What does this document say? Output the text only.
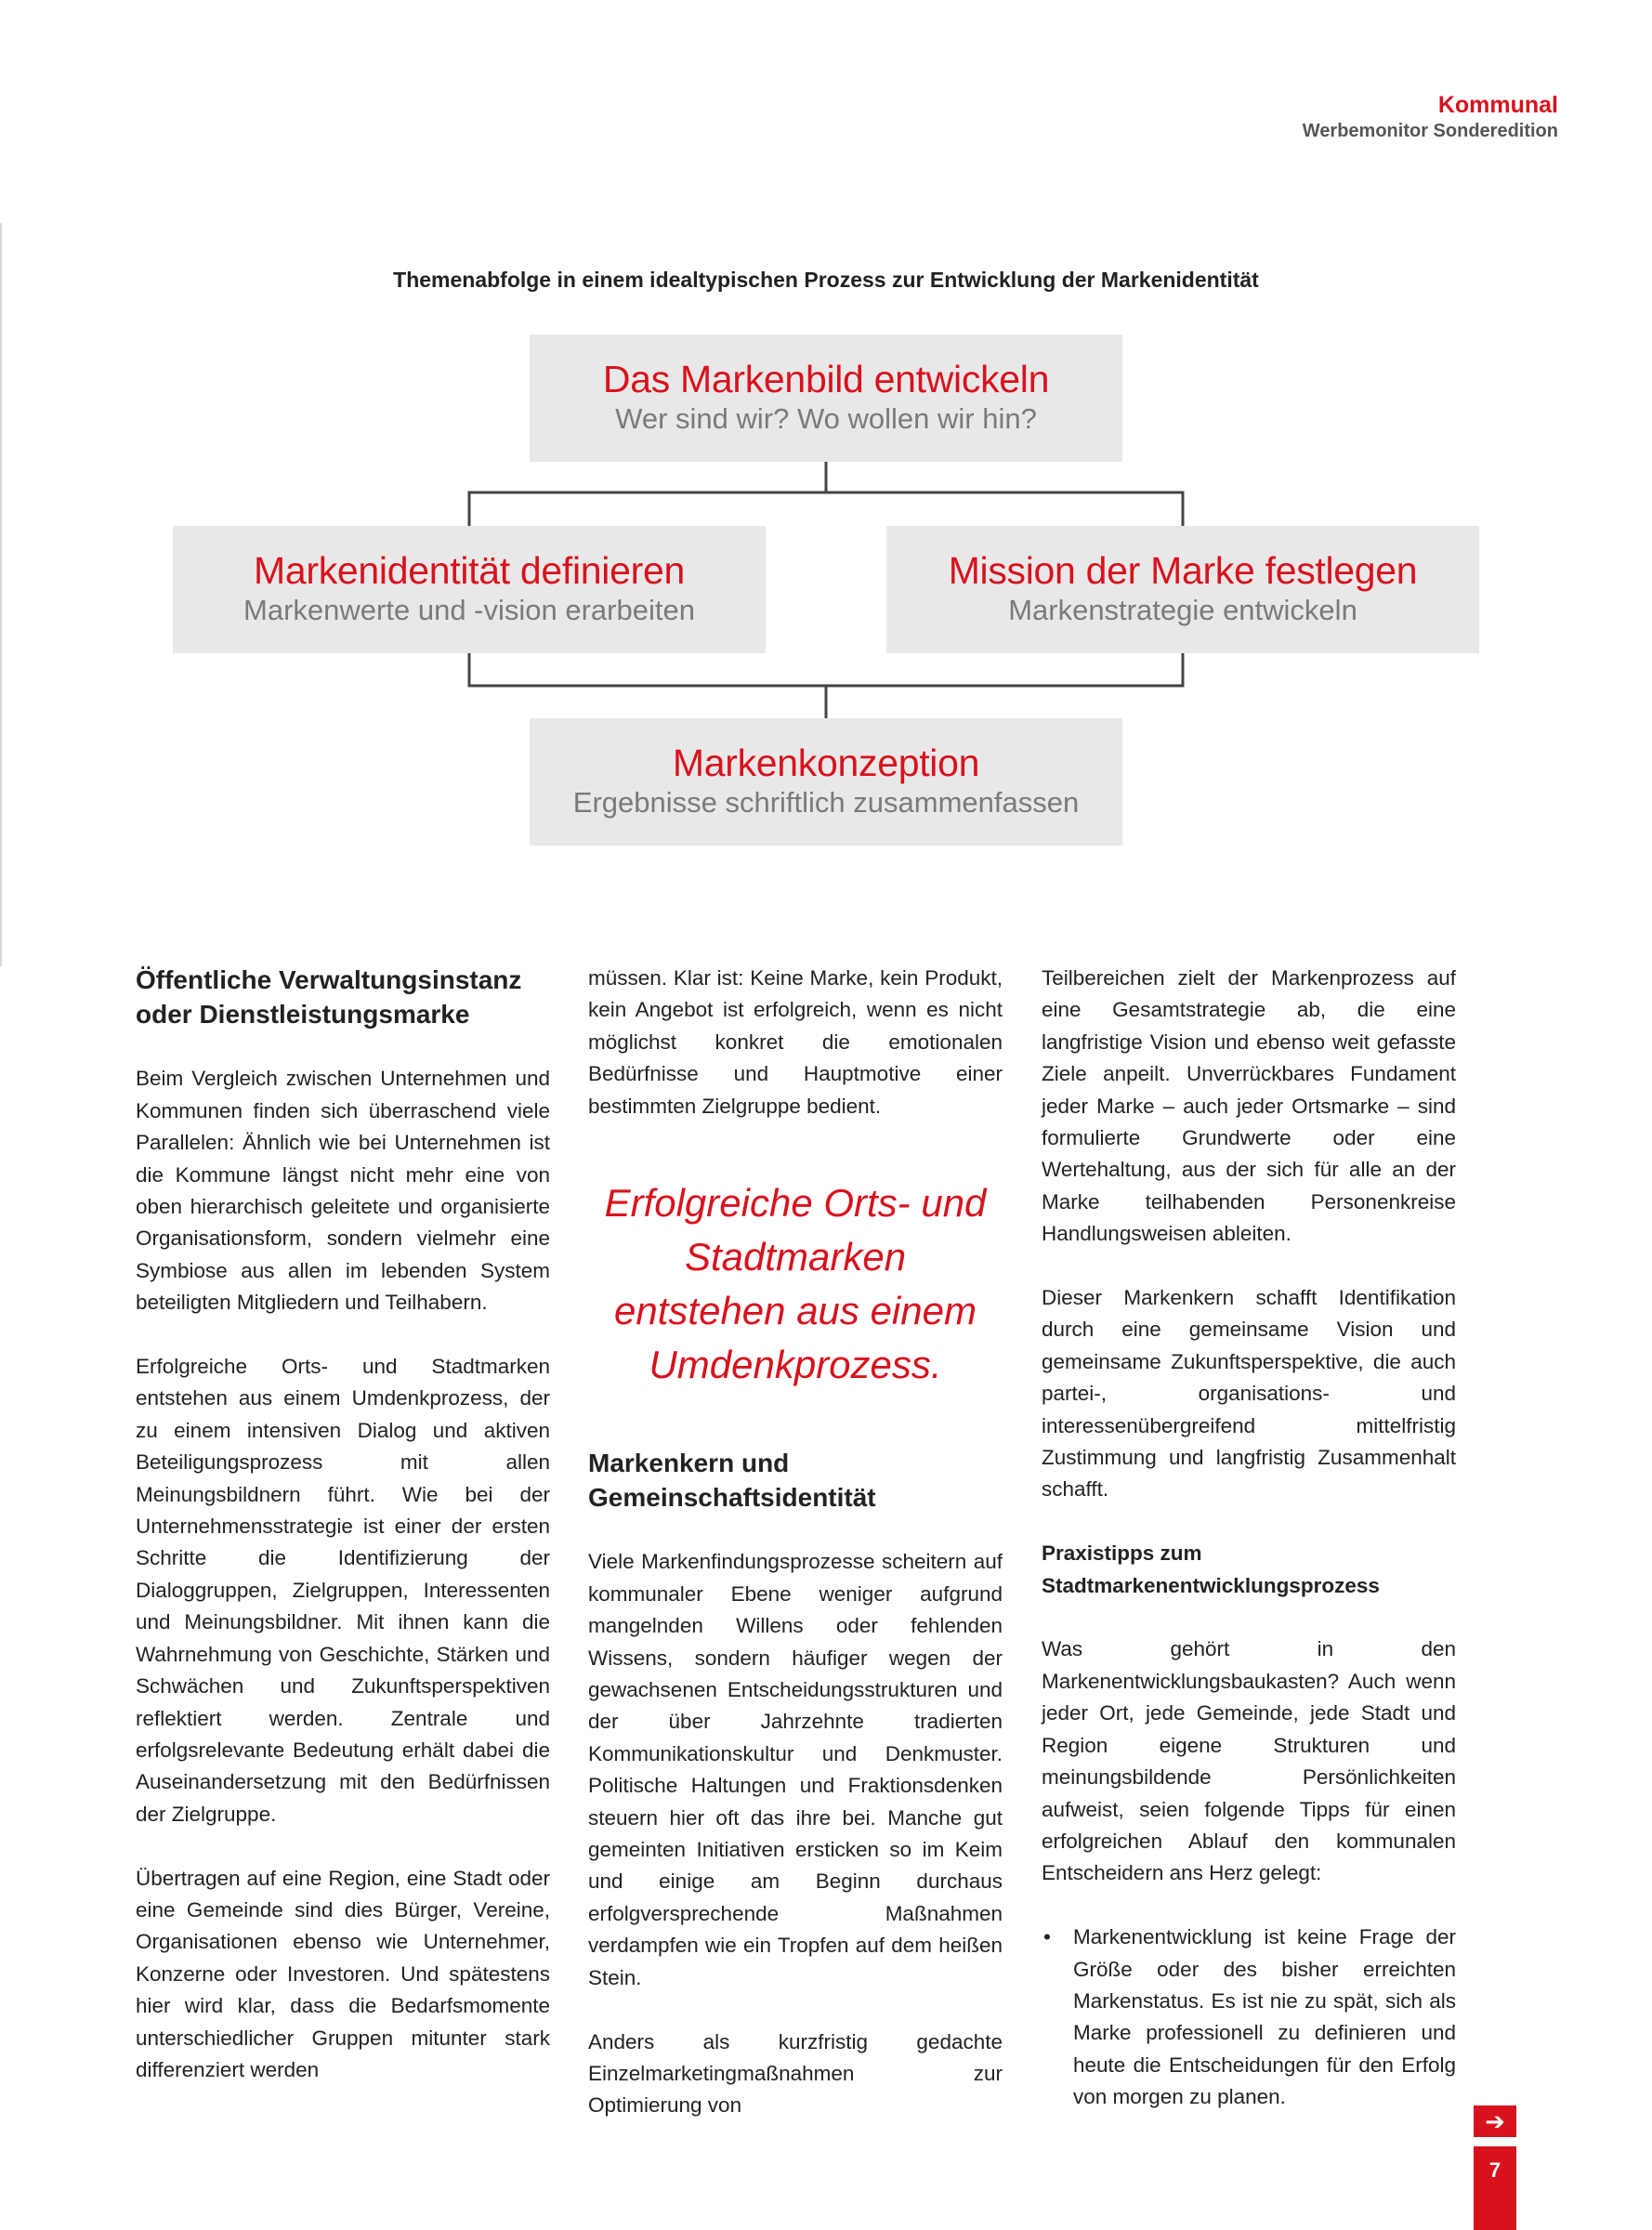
Kommunal
Werbemonitor Sonderedition
Themenabfolge in einem idealtypischen Prozess zur Entwicklung der Markenidentität
Das Markenbild entwickeln
Wer sind wir? Wo wollen wir hin?
Markenidentität definieren
Markenwerte und -vision erarbeiten
Mission der Marke festlegen
Markenstrategie entwickeln
Markenkonzeption
Ergebnisse schriftlich zusammenfassen
Öffentliche Verwaltungsinstanz oder Dienstleistungsmarke

Beim Vergleich zwischen Unternehmen und Kommunen finden sich überraschend viele Parallelen: Ähnlich wie bei Unternehmen ist die Kommune längst nicht mehr eine von oben hierarchisch geleitete und organisierte Organisationsform, sondern vielmehr eine Symbiose aus allen im lebenden System beteiligten Mitgliedern und Teilhabern.

Erfolgreiche Orts- und Stadtmarken entstehen aus einem Umdenkprozess, der zu einem intensiven Dialog und aktiven Beteiligungsprozess mit allen Meinungsbildnern führt. Wie bei der Unternehmensstrategie ist einer der ersten Schritte die Identifizierung der Dialoggruppen, Zielgruppen, Interessenten und Meinungsbildner. Mit ihnen kann die Wahrnehmung von Geschichte, Stärken und Schwächen und Zukunftsperspektiven reflektiert werden. Zentrale und erfolgsrelevante Bedeutung erhält dabei die Auseinandersetzung mit den Bedürfnissen der Zielgruppe.

Übertragen auf eine Region, eine Stadt oder eine Gemeinde sind dies Bürger, Vereine, Organisationen ebenso wie Unternehmer, Konzerne oder Investoren. Und spätestens hier wird klar, dass die Bedarfsmomente unterschiedlicher Gruppen mitunter stark differenziert werden

müssen. Klar ist: Keine Marke, kein Produkt, kein Angebot ist erfolgreich, wenn es nicht möglichst konkret die emotionalen Bedürfnisse und Hauptmotive einer bestimmten Zielgruppe bedient.

Erfolgreiche Orts- und Stadtmarken entstehen aus einem Umdenkprozess.
Markenkern und Gemeinschaftsidentität

Viele Markenfindungsprozesse scheitern auf kommunaler Ebene weniger aufgrund mangelnden Willens oder fehlenden Wissens, sondern häufiger wegen der gewachsenen Entscheidungsstrukturen und der über Jahrzehnte tradierten Kommunikationskultur und Denkmuster. Politische Haltungen und Fraktionsdenken steuern hier oft das ihre bei. Manche gut gemeinten Initiativen ersticken so im Keim und einige am Beginn durchaus erfolgversprechende Maßnahmen verdampfen wie ein Tropfen auf dem heißen Stein.

Anders als kurzfristig gedachte Einzelmarketingmaßnahmen zur Optimierung von

Teilbereichen zielt der Markenprozess auf eine Gesamtstrategie ab, die eine langfristige Vision und ebenso weit gefasste Ziele anpeilt. Unverrückbares Fundament jeder Marke – auch jeder Ortsmarke – sind formulierte Grundwerte oder eine Wertehaltung, aus der sich für alle an der Marke teilhabenden Personenkreise Handlungsweisen ableiten.

Dieser Markenkern schafft Identifikation durch eine gemeinsame Vision und gemeinsame Zukunftsperspektive, die auch partei-, organisations- und interessenübergreifend mittelfristig Zustimmung und langfristig Zusammenhalt schafft.

Praxistipps zum Stadtmarkenentwicklungsprozess

Was gehört in den Markenentwicklungsbaukasten? Auch wenn jeder Ort, jede Gemeinde, jede Stadt und Region eigene Strukturen und meinungsbildende Persönlichkeiten aufweist, seien folgende Tipps für einen erfolgreichen Ablauf den kommunalen Entscheidern ans Herz gelegt:

• Markenentwicklung ist keine Frage der Größe oder des bisher erreichten Markenstatus. Es ist nie zu spät, sich als Marke professionell zu definieren und heute die Entscheidungen für den Erfolg von morgen zu planen.
➔
7
